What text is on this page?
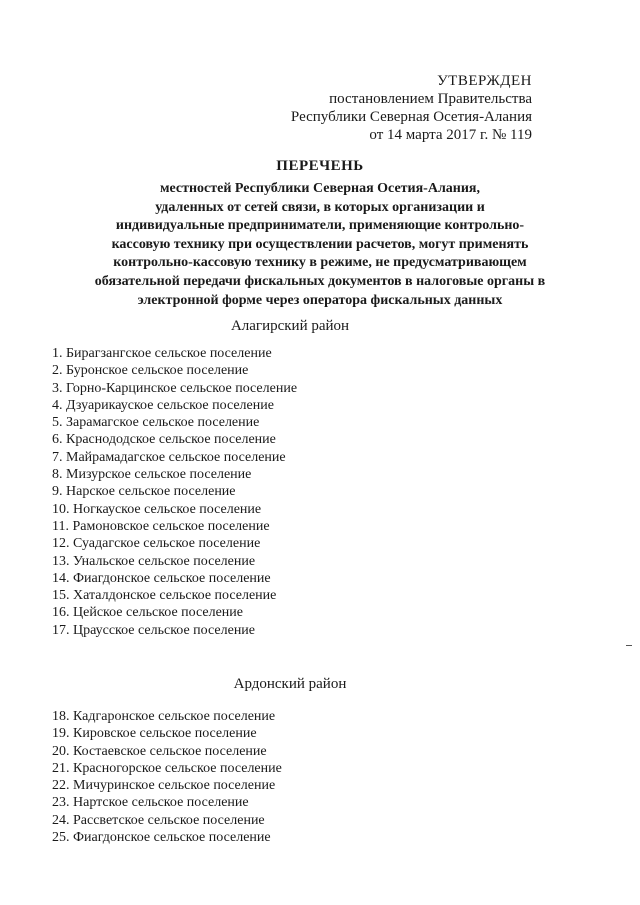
УТВЕРЖДЕН
постановлением Правительства
Республики Северная Осетия-Алания
от 14 марта 2017 г. № 119
ПЕРЕЧЕНЬ
местностей Республики Северная Осетия-Алания,
удаленных от сетей связи, в которых организации и
индивидуальные предприниматели, применяющие контрольно-
кассовую технику при осуществлении расчетов, могут применять
контрольно-кассовую технику в режиме, не предусматривающем
обязательной передачи фискальных документов в налоговые органы в
электронной форме через оператора фискальных данных
Алагирский район
1. Бирагзангское сельское поселение
2. Буронское сельское поселение
3. Горно-Карцинское сельское поселение
4. Дзуарикауское сельское поселение
5. Зарамагское сельское поселение
6. Краснододское сельское поселение
7. Майрамадагское сельское поселение
8. Мизурское сельское поселение
9. Нарское сельское поселение
10. Ногкауское сельское поселение
11. Рамоновское сельское поселение
12. Суадагское сельское поселение
13. Унальское сельское поселение
14. Фиагдонское сельское поселение
15. Хаталдонское сельское поселение
16. Цейское сельское поселение
17. Цраусское сельское поселение
Ардонский район
18. Кадгаронское сельское поселение
19. Кировское сельское поселение
20. Костаевское сельское поселение
21. Красногорское сельское поселение
22. Мичуринское сельское поселение
23. Нартское сельское поселение
24. Рассветское сельское поселение
25. Фиагдонское сельское поселение
